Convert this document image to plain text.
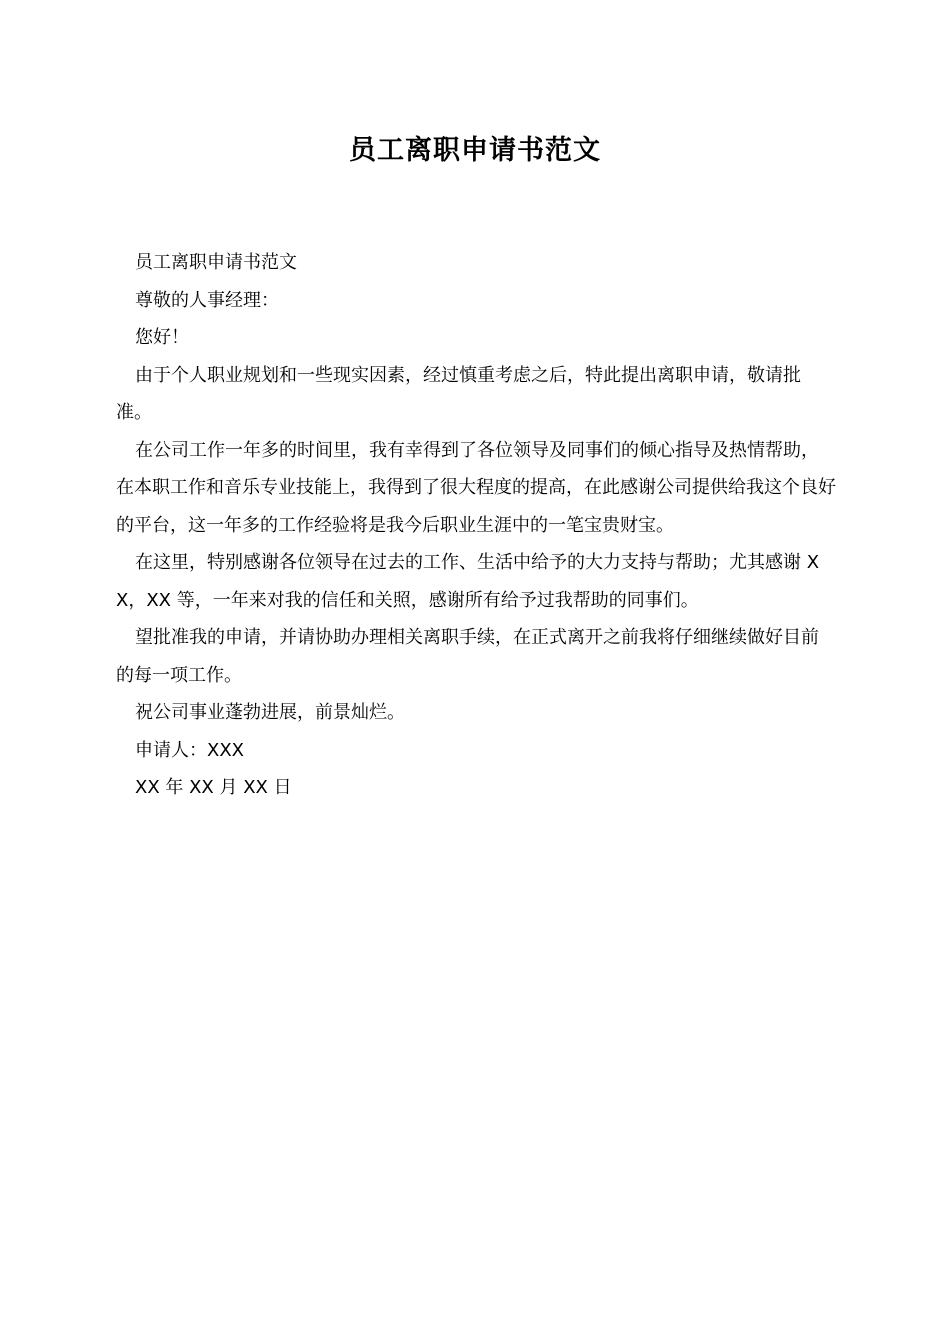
员工离职申请书范文

员工离职申请书范文

尊敬的人事经理：

您好！

由于个人职业规划和一些现实因素，经过慎重考虑之后，特此提出离职申请，敬请批准。

在公司工作一年多的时间里，我有幸得到了各位领导及同事们的倾心指导及热情帮助，在本职工作和音乐专业技能上，我得到了很大程度的提高，在此感谢公司提供给我这个良好的平台，这一年多的工作经验将是我今后职业生涯中的一笔宝贵财宝。

在这里，特别感谢各位领导在过去的工作、生活中给予的大力支持与帮助；尤其感谢 XX，XX 等，一年来对我的信任和关照，感谢所有给予过我帮助的同事们。

望批准我的申请，并请协助办理相关离职手续，在正式离开之前我将仔细继续做好目前的每一项工作。

祝公司事业蓬勃进展，前景灿烂。

申请人：XXX

XX 年 XX 月 XX 日
